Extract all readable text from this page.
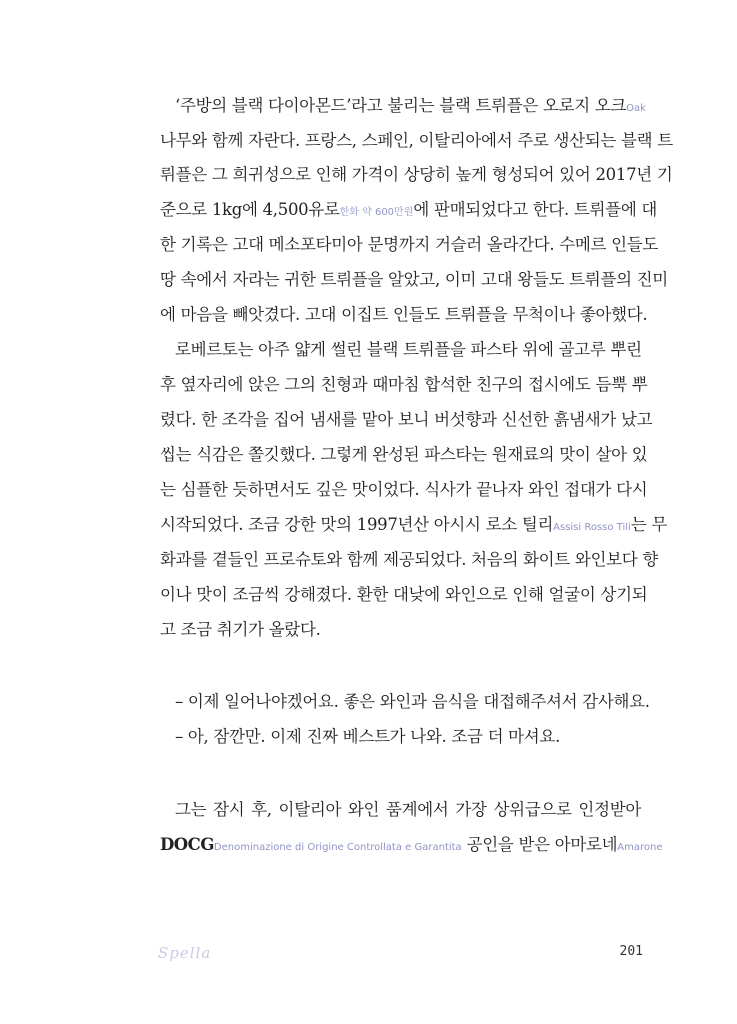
‘주방의 블랙 다이아몬드’라고 불리는 블랙 트뤼플은 오로지 오크Oak
나무와 함께 자란다. 프랑스, 스페인, 이탈리아에서 주로 생산되는 블랙 트
뤼플은 그 희귀성으로 인해 가격이 상당히 높게 형성되어 있어 2017년 기
준으로 1kg에 4,500유로한화 약 600만원에 판매되었다고 한다. 트뤼플에 대
한 기록은 고대 메소포타미아 문명까지 거슬러 올라간다. 수메르 인들도
땅 속에서 자라는 귀한 트뤼플을 알았고, 이미 고대 왕들도 트뤼플의 진미
에 마음을 빼앗겼다. 고대 이집트 인들도 트뤼플을 무척이나 좋아했다.
로베르토는 아주 얇게 썰린 블랙 트뤼플을 파스타 위에 골고루 뿌린
후 옆자리에 앉은 그의 친형과 때마침 합석한 친구의 접시에도 듬뿍 뿌
렸다. 한 조각을 집어 냄새를 맡아 보니 버섯향과 신선한 흙냄새가 났고
씹는 식감은 쫄깃했다. 그렇게 완성된 파스타는 원재료의 맛이 살아 있
는 심플한 듯하면서도 깊은 맛이었다. 식사가 끝나자 와인 접대가 다시
시작되었다. 조금 강한 맛의 1997년산 아시시 로소 틸리Assisi Rosso Tili는 무
화과를 곁들인 프로슈토와 함께 제공되었다. 처음의 화이트 와인보다 향
이나 맛이 조금씩 강해졌다. 환한 대낮에 와인으로 인해 얼굴이 상기되
고 조금 취기가 올랐다.
– 이제 일어나야겠어요. 좋은 와인과 음식을 대접해주셔서 감사해요.
– 아, 잠깐만. 이제 진짜 베스트가 나와. 조금 더 마셔요.
그는 잠시 후, 이탈리아 와인 품계에서 가장 상위급으로 인정받아
DOCGDenominazione di Origine Controllata e Garantita 공인을 받은 아마로네Amarone
Spella	201
